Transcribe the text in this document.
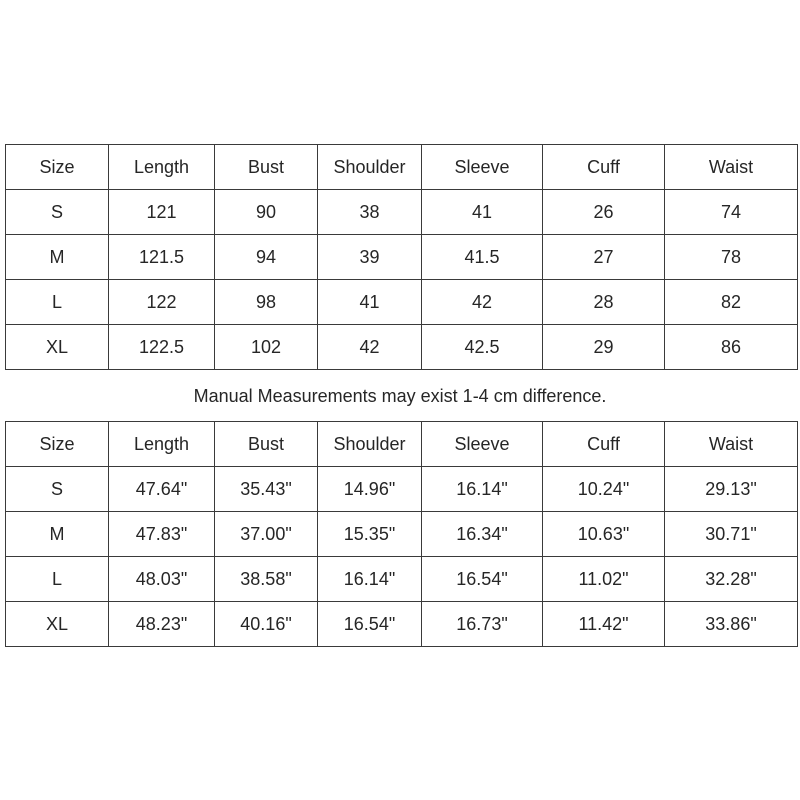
Size	Length	Bust	Shoulder	Sleeve	Cuff	Waist
S	121	90	38	41	26	74
M	121.5	94	39	41.5	27	78
L	122	98	41	42	28	82
XL	122.5	102	42	42.5	29	86
Manual Measurements may exist 1-4 cm difference.
Size	Length	Bust	Shoulder	Sleeve	Cuff	Waist
S	47.64"	35.43"	14.96"	16.14"	10.24"	29.13"
M	47.83"	37.00"	15.35"	16.34"	10.63"	30.71"
L	48.03"	38.58"	16.14"	16.54"	11.02"	32.28"
XL	48.23"	40.16"	16.54"	16.73"	11.42"	33.86"
